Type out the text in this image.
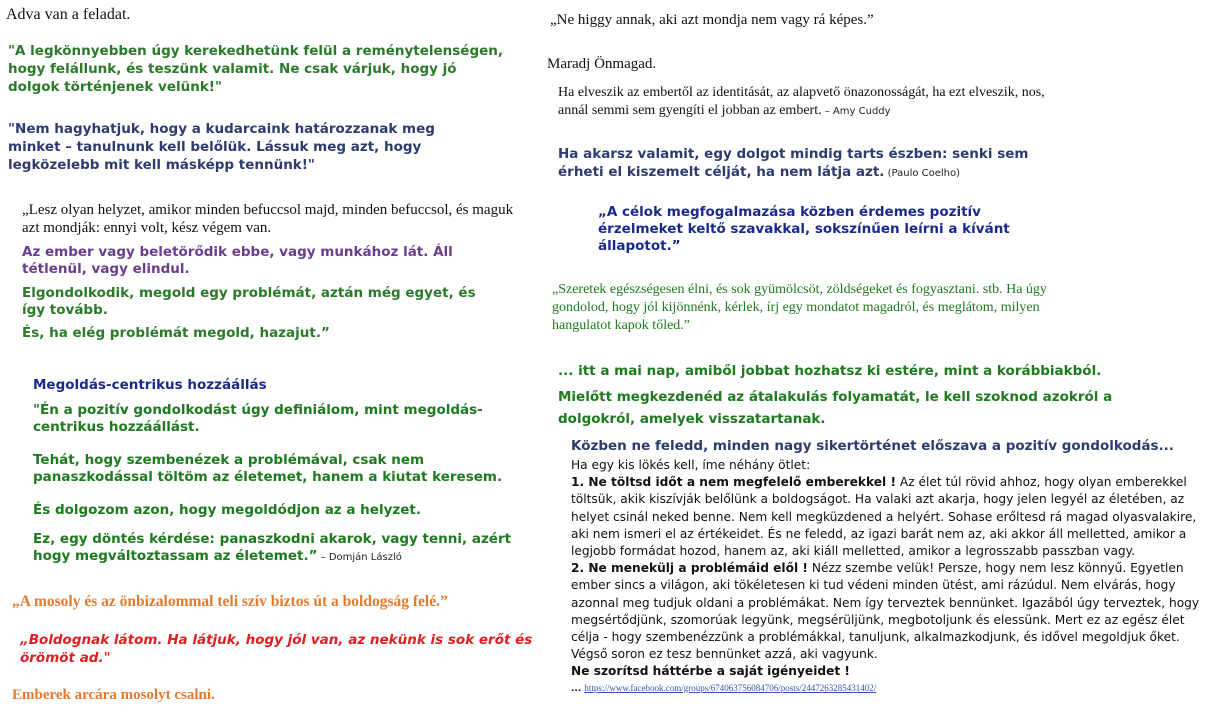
Adva van a feladat.

"A legkönnyebben úgy kerekedhetünk felül a reménytelenségen, hogy felállunk, és teszünk valamit. Ne csak várjuk, hogy jó dolgok történjenek velünk!"

"Nem hagyhatjuk, hogy a kudarcaink határozzanak meg minket – tanulnunk kell belőlük. Lássuk meg azt, hogy legközelebb mit kell másképp tennünk!"

„Lesz olyan helyzet, amikor minden befuccsol majd, minden befuccsol, és maguk azt mondják: ennyi volt, kész végem van.

Az ember vagy beletörődik ebbe, vagy munkához lát. Áll tétlenül, vagy elindul.

Elgondolkodik, megold egy problémát, aztán még egyet, és így tovább.

És, ha elég problémát megold, hazajut.”

Megoldás-centrikus hozzáállás

"Én a pozitív gondolkodást úgy definiálom, mint megoldás-centrikus hozzáállást.

Tehát, hogy szembenézek a problémával, csak nem panaszkodással töltöm az életemet, hanem a kiutat keresem.

És dolgozom azon, hogy megoldódjon az a helyzet.

Ez, egy döntés kérdése: panaszkodni akarok, vagy tenni, azért hogy megváltoztassam az életemet.” – Domján László

„A mosoly és az önbizalommal teli szív biztos út a boldogság felé.”

„Boldognak látom. Ha látjuk, hogy jól van, az nekünk is sok erőt és örömöt ad."

Emberek arcára mosolyt csalni.

„Ne higgy annak, aki azt mondja nem vagy rá képes.”

Maradj Önmagad.

Ha elveszik az embertől az identitását, az alapvető önazonosságát, ha ezt elveszik, nos, annál semmi sem gyengíti el jobban az embert. – Amy Cuddy

Ha akarsz valamit, egy dolgot mindig tarts észben: senki sem érheti el kiszemelt célját, ha nem látja azt. (Paulo Coelho)

„A célok megfogalmazása közben érdemes pozitív érzelmeket keltő szavakkal, sokszínűen leírni a kívánt állapotot.”

„Szeretek egészségesen élni, és sok gyümölcsöt, zöldségeket és fogyasztani. stb. Ha úgy gondolod, hogy jól kijönnénk, kérlek, írj egy mondatot magadról, és meglátom, milyen hangulatot kapok tőled.”

... itt a mai nap, amiből jobbat hozhatsz ki estére, mint a korábbiakból.

Mielőtt megkezdenéd az átalakulás folyamatát, le kell szoknod azokról a dolgokról, amelyek visszatartanak.

Közben ne feledd, minden nagy sikertörténet előszava a pozitív gondolkodás...

Ha egy kis lökés kell, íme néhány ötlet:

1. Ne töltsd időt a nem megfelelő emberekkel ! Az élet túl rövid ahhoz, hogy olyan emberekkel töltsük, akik kiszívják belőlünk a boldogságot. Ha valaki azt akarja, hogy jelen legyél az életében, az helyet csinál neked benne. Nem kell megküzdened a helyért. Sohase erőltesd rá magad olyasvalakire, aki nem ismeri el az értékeidet. És ne feledd, az igazi barát nem az, aki akkor áll melletted, amikor a legjobb formádat hozod, hanem az, aki kiáll melletted, amikor a legrosszabb passzban vagy.

2. Ne menekülj a problémáid elől ! Nézz szembe velük! Persze, hogy nem lesz könnyű. Egyetlen ember sincs a világon, aki tökéletesen ki tud védeni minden ütést, ami rázúdul. Nem elvárás, hogy azonnal meg tudjuk oldani a problémákat. Nem így terveztek bennünket. Igazából úgy terveztek, hogy megsértődjünk, szomorúak legyünk, megsérüljünk, megbotoljunk és elessünk. Mert ez az egész élet célja - hogy szembenézzünk a problémákkal, tanuljunk, alkalmazkodjunk, és idővel megoldjuk őket. Végső soron ez tesz bennünket azzá, aki vagyunk.

Ne szorítsd háttérbe a saját igényeidet !

... https://www.facebook.com/groups/674063756084706/posts/2447263285431402/
